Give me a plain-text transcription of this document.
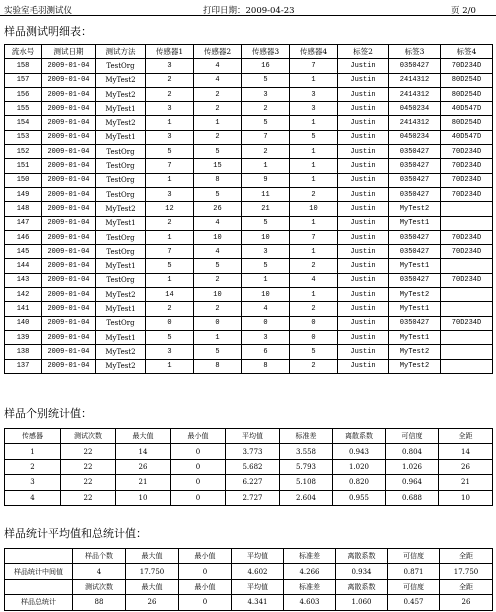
实验室毛羽测试仪	打印日期：2009-04-23	页 2/0
样品测试明细表：
流水号	测试日期	测试方法	传感器1	传感器2	传感器3	传感器4	标签2	标签3	标签4
158	2009-01-04	TestOrg	3	4	16	7	Justin	0350427	70D234D
157	2009-01-04	MyTest2	2	4	5	1	Justin	2414312	80D254D
156	2009-01-04	MyTest2	2	2	3	3	Justin	2414312	80D254D
155	2009-01-04	MyTest1	3	2	2	3	Justin	0450234	40D547D
154	2009-01-04	MyTest2	1	1	5	1	Justin	2414312	80D254D
153	2009-01-04	MyTest1	3	2	7	5	Justin	0450234	40D547D
152	2009-01-04	TestOrg	5	5	2	1	Justin	0350427	70D234D
151	2009-01-04	TestOrg	7	15	1	1	Justin	0350427	70D234D
150	2009-01-04	TestOrg	1	8	9	1	Justin	0350427	70D234D
149	2009-01-04	TestOrg	3	5	11	2	Justin	0350427	70D234D
148	2009-01-04	MyTest2	12	26	21	10	Justin	MyTest2	
147	2009-01-04	MyTest1	2	4	5	1	Justin	MyTest1	
146	2009-01-04	TestOrg	1	10	10	7	Justin	0350427	70D234D
145	2009-01-04	TestOrg	7	4	3	1	Justin	0350427	70D234D
144	2009-01-04	MyTest1	5	5	5	2	Justin	MyTest1	
143	2009-01-04	TestOrg	1	2	1	4	Justin	0350427	70D234D
142	2009-01-04	MyTest2	14	10	10	1	Justin	MyTest2	
141	2009-01-04	MyTest1	2	2	4	2	Justin	MyTest1	
140	2009-01-04	TestOrg	0	0	0	0	Justin	0350427	70D234D
139	2009-01-04	MyTest1	5	1	3	0	Justin	MyTest1	
138	2009-01-04	MyTest2	3	5	6	5	Justin	MyTest2	
137	2009-01-04	MyTest2	1	8	8	2	Justin	MyTest2	
样品个别统计值：
传感器	测试次数	最大值	最小值	平均值	标准差	离散系数	可信度	全距
1	22	14	0	3.773	3.558	0.943	0.804	14
2	22	26	0	5.682	5.793	1.020	1.026	26
3	22	21	0	6.227	5.108	0.820	0.964	21
4	22	10	0	2.727	2.604	0.955	0.688	10
样品统计平均值和总统计值：
	样品个数	最大值	最小值	平均值	标准差	离散系数	可信度	全距
样品统计中间值	4	17.750	0	4.602	4.266	0.934	0.871	17.750
	测试次数	最大值	最小值	平均值	标准差	离散系数	可信度	全距
样品总统计	88	26	0	4.341	4.603	1.060	0.457	26
